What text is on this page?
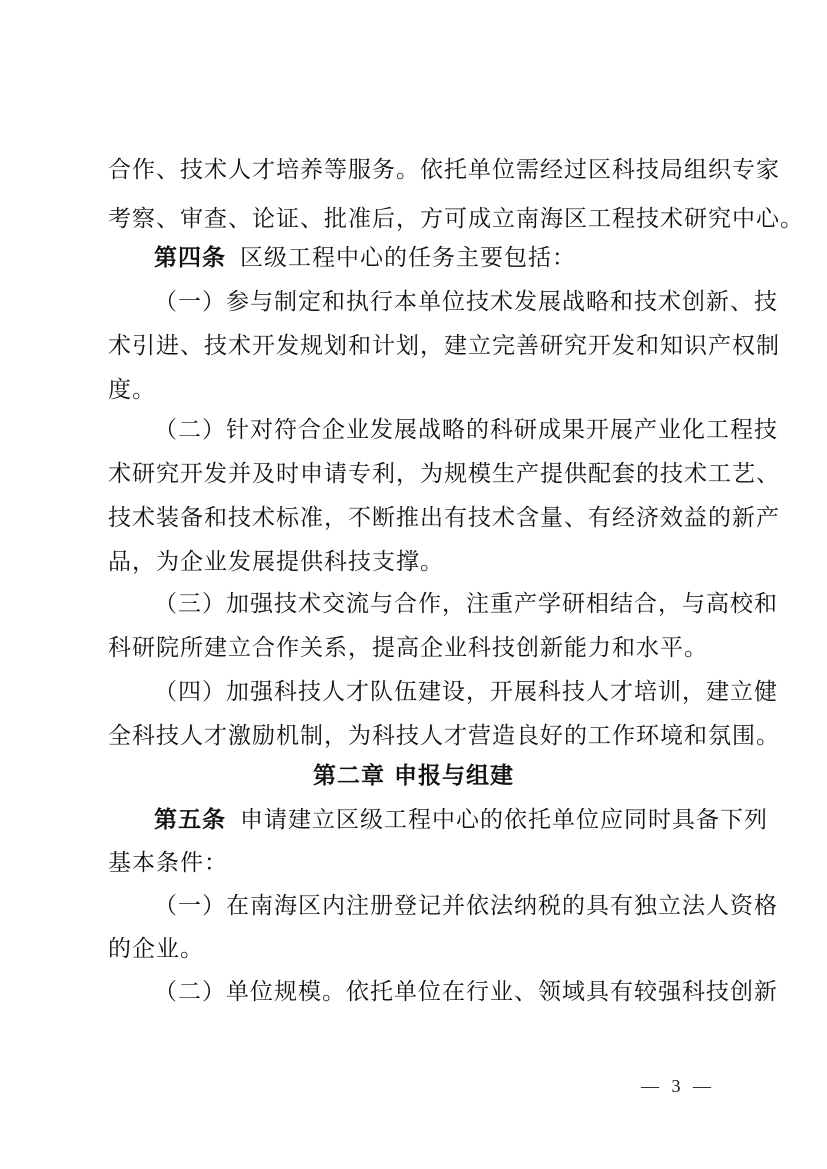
合作、技术人才培养等服务。依托单位需经过区科技局组织专家
考察、审查、论证、批准后，方可成立南海区工程技术研究中心。
第四条 区级工程中心的任务主要包括：
（一）参与制定和执行本单位技术发展战略和技术创新、技
术引进、技术开发规划和计划，建立完善研究开发和知识产权制
度。
（二）针对符合企业发展战略的科研成果开展产业化工程技
术研究开发并及时申请专利，为规模生产提供配套的技术工艺、
技术装备和技术标准，不断推出有技术含量、有经济效益的新产
品，为企业发展提供科技支撑。
（三）加强技术交流与合作，注重产学研相结合，与高校和
科研院所建立合作关系，提高企业科技创新能力和水平。
（四）加强科技人才队伍建设，开展科技人才培训，建立健
全科技人才激励机制，为科技人才营造良好的工作环境和氛围。
第二章 申报与组建
第五条 申请建立区级工程中心的依托单位应同时具备下列
基本条件：
（一）在南海区内注册登记并依法纳税的具有独立法人资格
的企业。
（二）单位规模。依托单位在行业、领域具有较强科技创新
— 3 —
